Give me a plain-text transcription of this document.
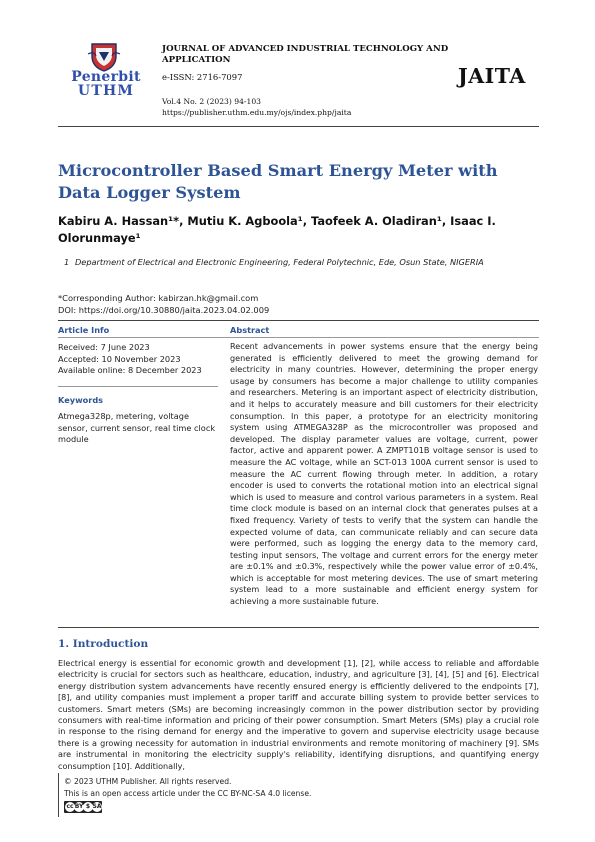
Penerbit
UTHM
JOURNAL OF ADVANCED INDUSTRIAL TECHNOLOGY AND APPLICATION
e-ISSN: 2716-7097
Vol.4 No. 2 (2023) 94-103
https://publisher.uthm.edu.my/ojs/index.php/jaita
JAITA
Microcontroller Based Smart Energy Meter with Data Logger System
Kabiru A. Hassan¹*, Mutiu K. Agboola¹, Taofeek A. Oladiran¹, Isaac I. Olorunmaye¹
1 Department of Electrical and Electronic Engineering, Federal Polytechnic, Ede, Osun State, NIGERIA
*Corresponding Author: kabirzan.hk@gmail.com
DOI: https://doi.org/10.30880/jaita.2023.04.02.009
Article Info	Abstract
Received: 7 June 2023
Accepted: 10 November 2023
Available online: 8 December 2023
Keywords
Atmega328p, metering, voltage sensor, current sensor, real time clock module
Recent advancements in power systems ensure that the energy being generated is efficiently delivered to meet the growing demand for electricity in many countries. However, determining the proper energy usage by consumers has become a major challenge to utility companies and researchers. Metering is an important aspect of electricity distribution, and it helps to accurately measure and bill customers for their electricity consumption. In this paper, a prototype for an electricity monitoring system using ATMEGA328P as the microcontroller was proposed and developed. The display parameter values are voltage, current, power factor, active and apparent power. A ZMPT101B voltage sensor is used to measure the AC voltage, while an SCT-013 100A current sensor is used to measure the AC current flowing through meter. In addition, a rotary encoder is used to converts the rotational motion into an electrical signal which is used to measure and control various parameters in a system. Real time clock module is based on an internal clock that generates pulses at a fixed frequency. Variety of tests to verify that the system can handle the expected volume of data, can communicate reliably and can secure data were performed, such as logging the energy data to the memory card, testing input sensors, The voltage and current errors for the energy meter are ±0.1% and ±0.3%, respectively while the power value error of ±0.4%, which is acceptable for most metering devices. The use of smart metering system lead to a more sustainable and efficient energy system for achieving a more sustainable future.
1. Introduction
Electrical energy is essential for economic growth and development [1], [2], while access to reliable and affordable electricity is crucial for sectors such as healthcare, education, industry, and agriculture [3], [4], [5] and [6]. Electrical energy distribution system advancements have recently ensured energy is efficiently delivered to the endpoints [7], [8], and utility companies must implement a proper tariff and accurate billing system to provide better services to customers. Smart meters (SMs) are becoming increasingly common in the power distribution sector by providing consumers with real-time information and pricing of their power consumption. Smart Meters (SMs) play a crucial role in response to the rising demand for energy and the imperative to govern and supervise electricity usage because there is a growing necessity for automation in industrial environments and remote monitoring of machinery [9]. SMs are instrumental in monitoring the electricity supply's reliability, identifying disruptions, and quantifying energy consumption [10]. Additionally,
© 2023 UTHM Publisher. All rights reserved.
This is an open access article under the CC BY-NC-SA 4.0 license.
cc BY $ SA
